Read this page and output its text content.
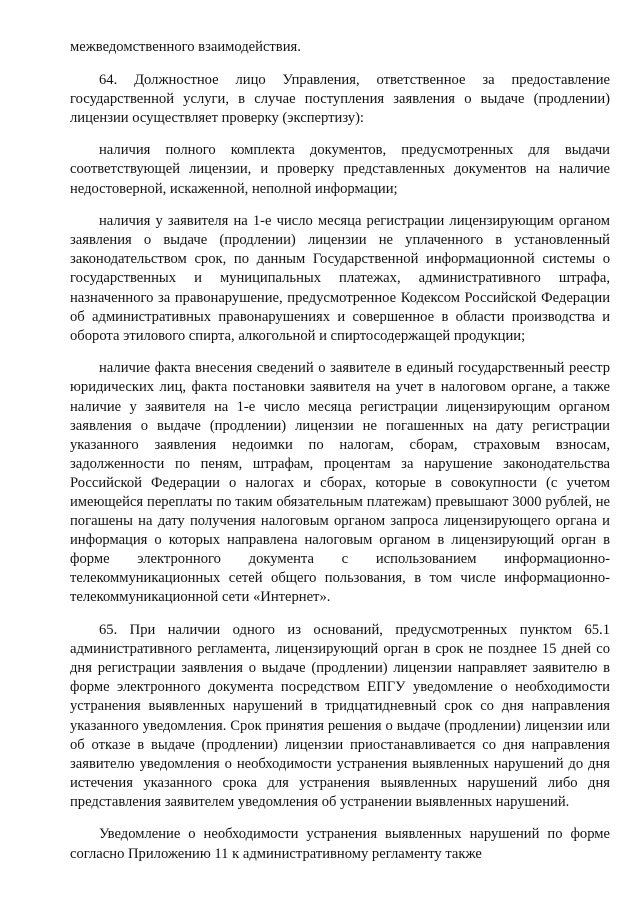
межведомственного взаимодействия.

64. Должностное лицо Управления, ответственное за предоставление государственной услуги, в случае поступления заявления о выдаче (продлении) лицензии осуществляет проверку (экспертизу):

наличия полного комплекта документов, предусмотренных для выдачи соответствующей лицензии, и проверку представленных документов на наличие недостоверной, искаженной, неполной информации;

наличия у заявителя на 1-е число месяца регистрации лицензирующим органом заявления о выдаче (продлении) лицензии не уплаченного в установленный законодательством срок, по данным Государственной информационной системы о государственных и муниципальных платежах, административного штрафа, назначенного за правонарушение, предусмотренное Кодексом Российской Федерации об административных правонарушениях и совершенное в области производства и оборота этилового спирта, алкогольной и спиртосодержащей продукции;

наличие факта внесения сведений о заявителе в единый государственный реестр юридических лиц, факта постановки заявителя на учет в налоговом органе, а также наличие у заявителя на 1-е число месяца регистрации лицензирующим органом заявления о выдаче (продлении) лицензии не погашенных на дату регистрации указанного заявления недоимки по налогам, сборам, страховым взносам, задолженности по пеням, штрафам, процентам за нарушение законодательства Российской Федерации о налогах и сборах, которые в совокупности (с учетом имеющейся переплаты по таким обязательным платежам) превышают 3000 рублей, не погашены на дату получения налоговым органом запроса лицензирующего органа и информация о которых направлена налоговым органом в лицензирующий орган в форме электронного документа с использованием информационно-телекоммуникационных сетей общего пользования, в том числе информационно-телекоммуникационной сети «Интернет».

65. При наличии одного из оснований, предусмотренных пунктом 65.1 административного регламента, лицензирующий орган в срок не позднее 15 дней со дня регистрации заявления о выдаче (продлении) лицензии направляет заявителю в форме электронного документа посредством ЕПГУ уведомление о необходимости устранения выявленных нарушений в тридцатидневный срок со дня направления указанного уведомления. Срок принятия решения о выдаче (продлении) лицензии или об отказе в выдаче (продлении) лицензии приостанавливается со дня направления заявителю уведомления о необходимости устранения выявленных нарушений до дня истечения указанного срока для устранения выявленных нарушений либо дня представления заявителем уведомления об устранении выявленных нарушений.

Уведомление о необходимости устранения выявленных нарушений по форме согласно Приложению 11 к административному регламенту также
